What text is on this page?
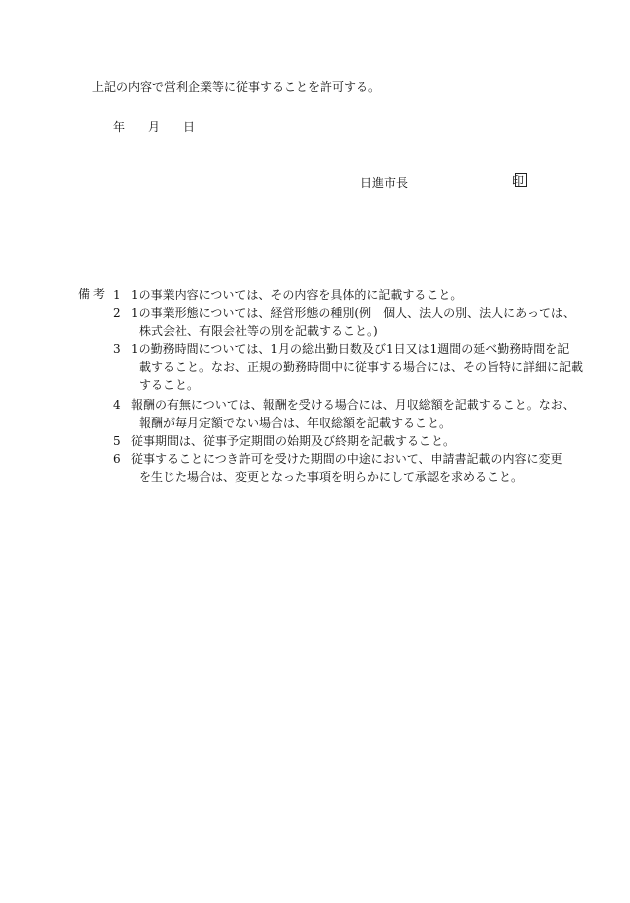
上記の内容で営利企業等に従事することを許可する。
年 月 日
日進市長	印
備考 1 1の事業内容については、その内容を具体的に記載すること。
2 1の事業形態については、経営形態の種別(例　個人、法人の別、法人にあっては、
株式会社、有限会社等の別を記載すること。)
3 1の勤務時間については、1月の総出勤日数及び1日又は1週間の延べ勤務時間を記
載すること。なお、正規の勤務時間中に従事する場合には、その旨特に詳細に記載
すること。
4 報酬の有無については、報酬を受ける場合には、月収総額を記載すること。なお、
報酬が毎月定額でない場合は、年収総額を記載すること。
5 従事期間は、従事予定期間の始期及び終期を記載すること。
6 従事することにつき許可を受けた期間の中途において、申請書記載の内容に変更
を生じた場合は、変更となった事項を明らかにして承認を求めること。
